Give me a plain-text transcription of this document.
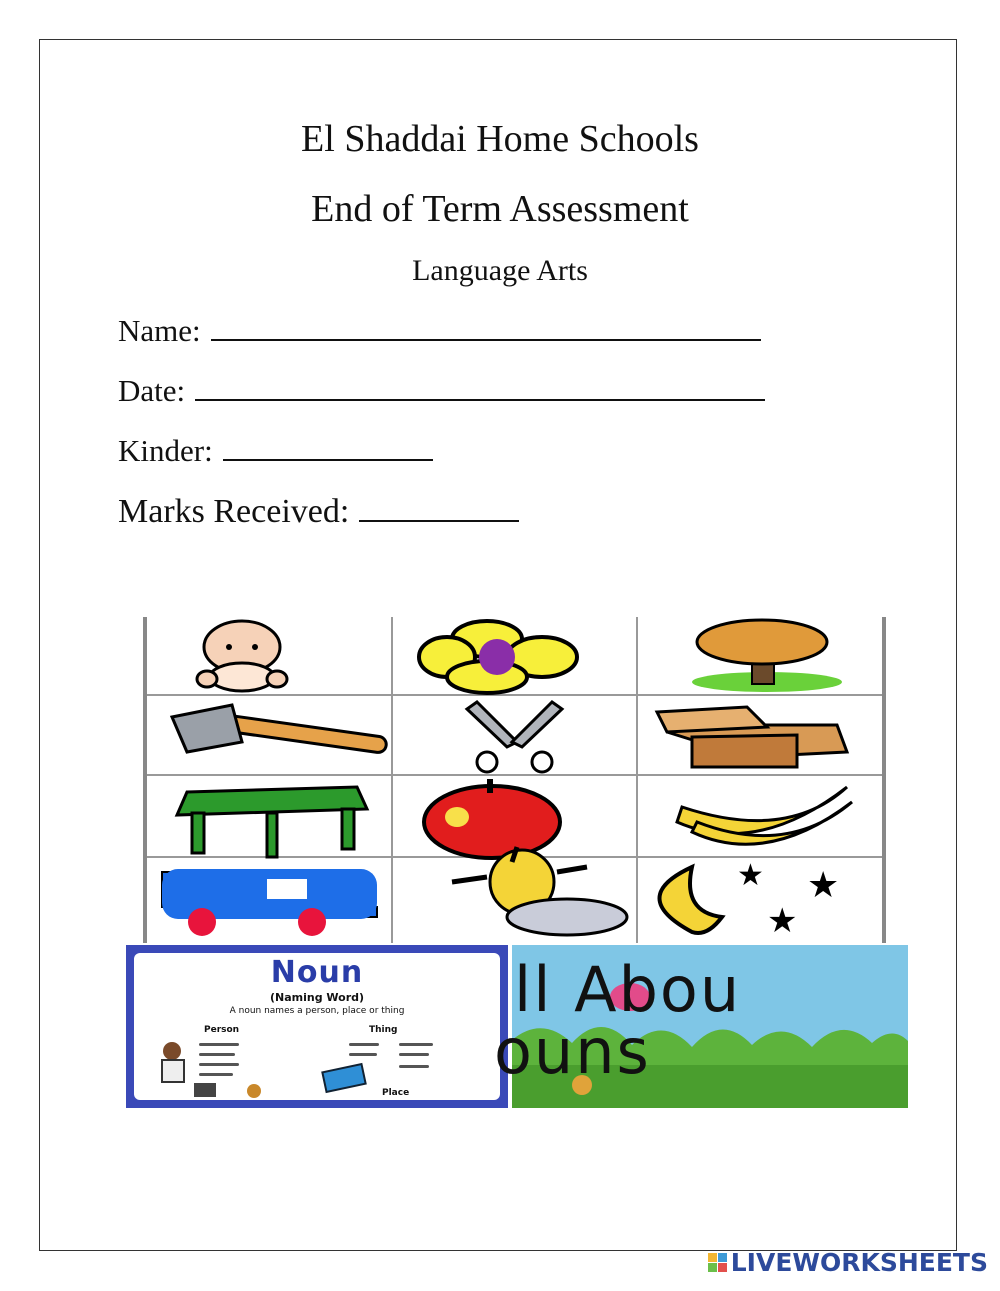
El Shaddai Home Schools
End of Term Assessment
Language Arts
Name:
Date:
Kinder:
Marks Received:
★ ★
★
Noun
(Naming Word)
A noun names a person, place or thing
Person	Thing
Place
ll Abou
ouns
LIVEWORKSHEETS
